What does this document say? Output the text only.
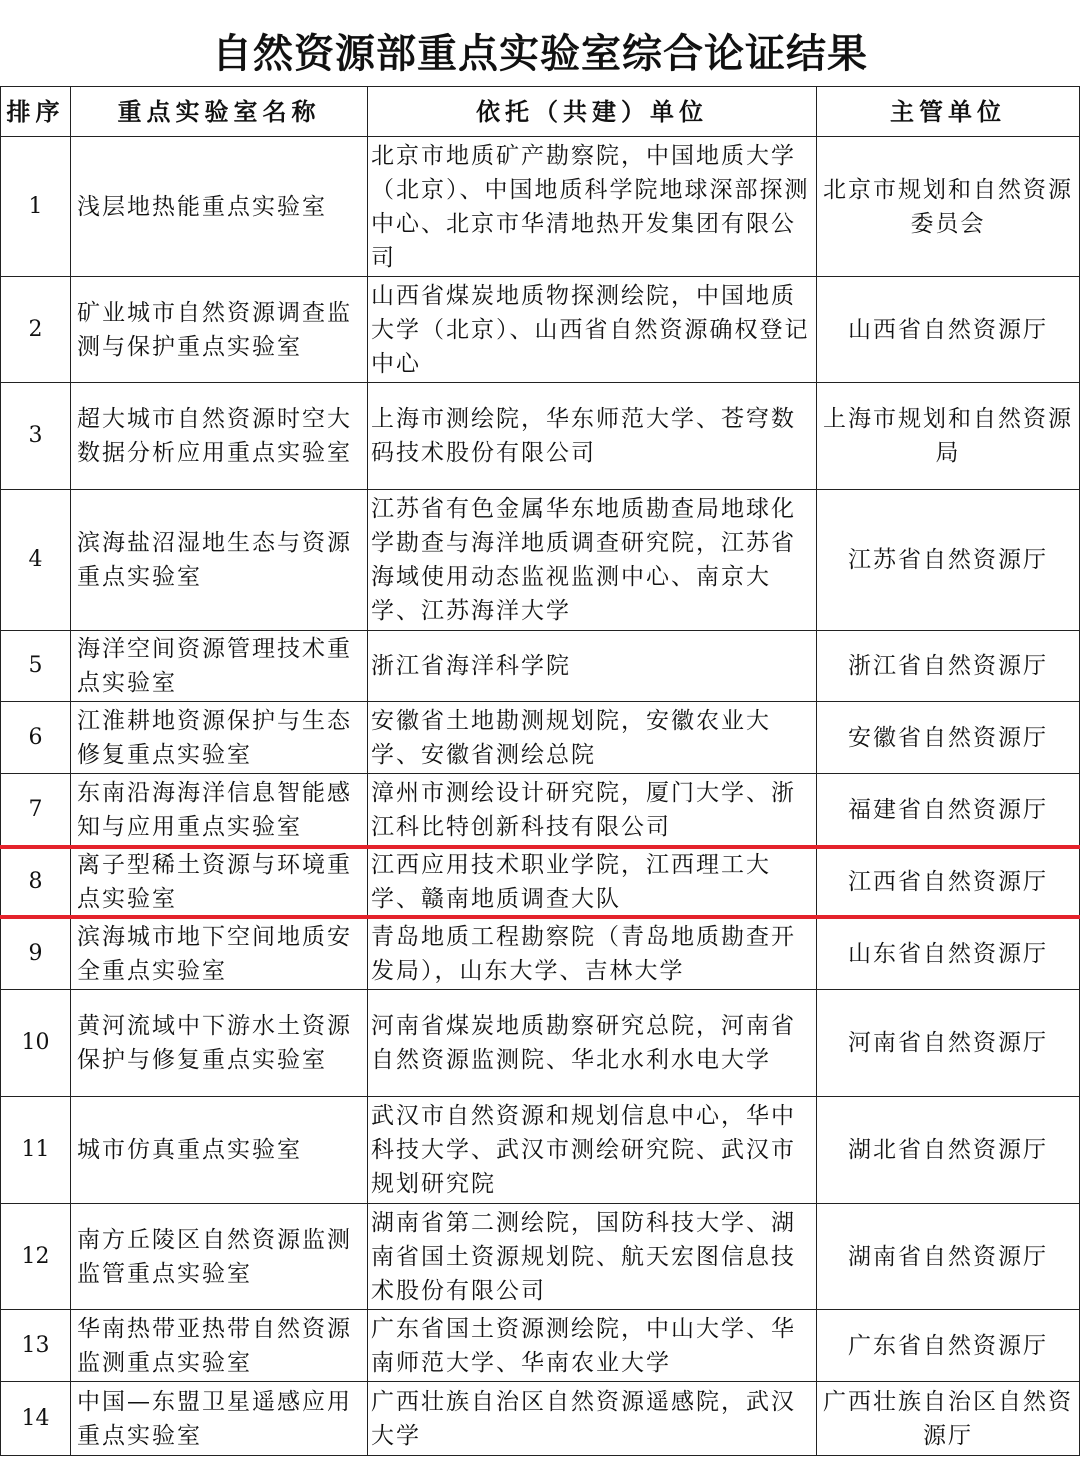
自然资源部重点实验室综合论证结果
排序	重点实验室名称	依托（共建）单位	主管单位
1	浅层地热能重点实验室	北京市地质矿产勘察院，中国地质大学（北京）、中国地质科学院地球深部探测中心、北京市华清地热开发集团有限公司	北京市规划和自然资源委员会
2	矿业城市自然资源调查监测与保护重点实验室	山西省煤炭地质物探测绘院，中国地质大学（北京）、山西省自然资源确权登记中心	山西省自然资源厅
3	超大城市自然资源时空大数据分析应用重点实验室	上海市测绘院，华东师范大学、苍穹数码技术股份有限公司	上海市规划和自然资源局
4	滨海盐沼湿地生态与资源重点实验室	江苏省有色金属华东地质勘查局地球化学勘查与海洋地质调查研究院，江苏省海域使用动态监视监测中心、南京大学、江苏海洋大学	江苏省自然资源厅
5	海洋空间资源管理技术重点实验室	浙江省海洋科学院	浙江省自然资源厅
6	江淮耕地资源保护与生态修复重点实验室	安徽省土地勘测规划院，安徽农业大学、安徽省测绘总院	安徽省自然资源厅
7	东南沿海海洋信息智能感知与应用重点实验室	漳州市测绘设计研究院，厦门大学、浙江科比特创新科技有限公司	福建省自然资源厅
8	离子型稀土资源与环境重点实验室	江西应用技术职业学院，江西理工大学、赣南地质调查大队	江西省自然资源厅
9	滨海城市地下空间地质安全重点实验室	青岛地质工程勘察院（青岛地质勘查开发局），山东大学、吉林大学	山东省自然资源厅
10	黄河流域中下游水土资源保护与修复重点实验室	河南省煤炭地质勘察研究总院，河南省自然资源监测院、华北水利水电大学	河南省自然资源厅
11	城市仿真重点实验室	武汉市自然资源和规划信息中心，华中科技大学、武汉市测绘研究院、武汉市规划研究院	湖北省自然资源厅
12	南方丘陵区自然资源监测监管重点实验室	湖南省第二测绘院，国防科技大学、湖南省国土资源规划院、航天宏图信息技术股份有限公司	湖南省自然资源厅
13	华南热带亚热带自然资源监测重点实验室	广东省国土资源测绘院，中山大学、华南师范大学、华南农业大学	广东省自然资源厅
14	中国—东盟卫星遥感应用重点实验室	广西壮族自治区自然资源遥感院，武汉大学	广西壮族自治区自然资源厅
